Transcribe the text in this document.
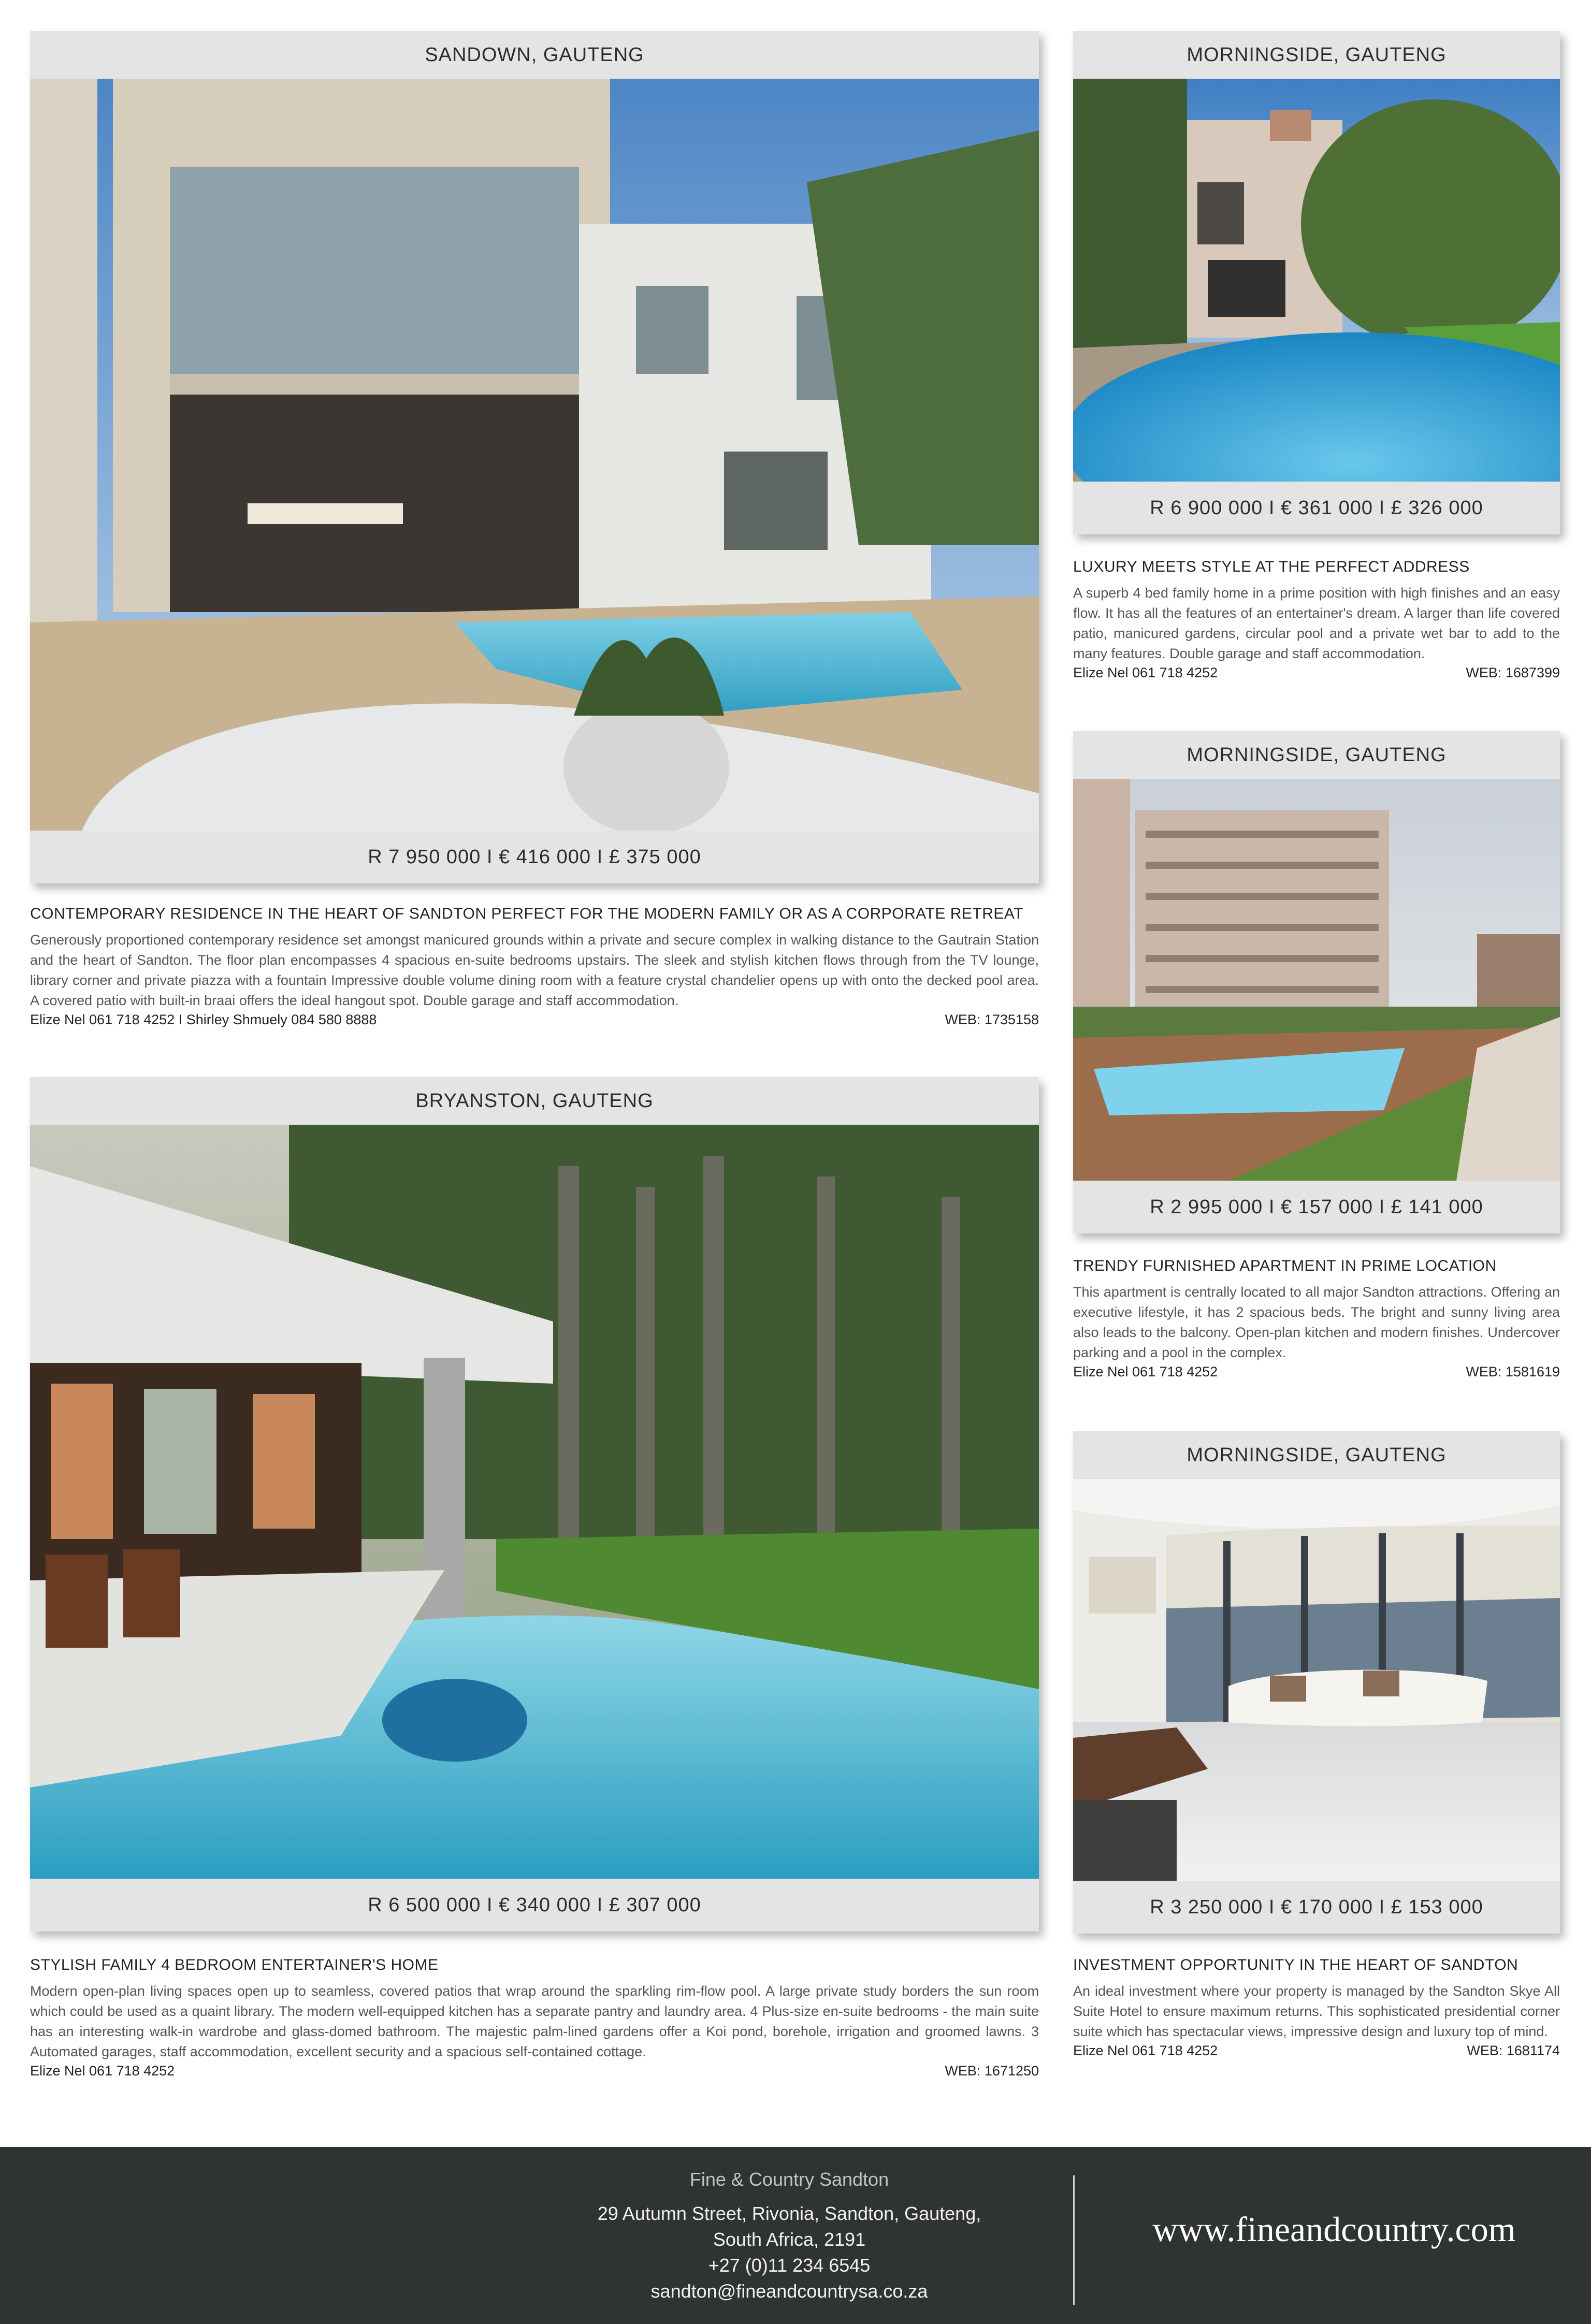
SANDOWN, GAUTENG
R 7 950 000 I € 416 000 I £ 375 000

CONTEMPORARY RESIDENCE IN THE HEART OF SANDTON PERFECT FOR THE MODERN FAMILY OR AS A CORPORATE RETREAT

Generously proportioned contemporary residence set amongst manicured grounds within a private and secure complex in walking distance to the Gautrain Station and the heart of Sandton. The floor plan encompasses 4 spacious en-suite bedrooms upstairs. The sleek and stylish kitchen flows through from the TV lounge, library corner and private piazza with a fountain Impressive double volume dining room with a feature crystal chandelier opens up with onto the decked pool area. A covered patio with built-in braai offers the ideal hangout spot. Double garage and staff accommodation.

Elize Nel 061 718 4252 I Shirley Shmuely 084 580 8888	WEB: 1735158
MORNINGSIDE, GAUTENG
R 6 900 000 I € 361 000 I £ 326 000

LUXURY MEETS STYLE AT THE PERFECT ADDRESS

A superb 4 bed family home in a prime position with high finishes and an easy flow. It has all the features of an entertainer's dream. A larger than life covered patio, manicured gardens, circular pool and a private wet bar to add to the many features. Double garage and staff accommodation.

Elize Nel 061 718 4252	WEB: 1687399
MORNINGSIDE, GAUTENG
R 2 995 000 I € 157 000 I £ 141 000

TRENDY FURNISHED APARTMENT IN PRIME LOCATION

This apartment is centrally located to all major Sandton attractions. Offering an executive lifestyle, it has 2 spacious beds. The bright and sunny living area also leads to the balcony. Open-plan kitchen and modern finishes. Undercover parking and a pool in the complex.

Elize Nel 061 718 4252	WEB: 1581619
BRYANSTON, GAUTENG
R 6 500 000 I € 340 000 I £ 307 000

STYLISH FAMILY 4 BEDROOM ENTERTAINER'S HOME

Modern open-plan living spaces open up to seamless, covered patios that wrap around the sparkling rim-flow pool. A large private study borders the sun room which could be used as a quaint library. The modern well-equipped kitchen has a separate pantry and laundry area. 4 Plus-size en-suite bedrooms - the main suite has an interesting walk-in wardrobe and glass-domed bathroom. The majestic palm-lined gardens offer a Koi pond, borehole, irrigation and groomed lawns. 3 Automated garages, staff accommodation, excellent security and a spacious self-contained cottage.

Elize Nel 061 718 4252	WEB: 1671250
MORNINGSIDE, GAUTENG
R 3 250 000 I € 170 000 I £ 153 000

INVESTMENT OPPORTUNITY IN THE HEART OF SANDTON

An ideal investment where your property is managed by the Sandton Skye All Suite Hotel to ensure maximum returns. This sophisticated presidential corner suite which has spectacular views, impressive design and luxury top of mind.

Elize Nel 061 718 4252	WEB: 1681174
Fine & Country Sandton
29 Autumn Street, Rivonia, Sandton, Gauteng,
South Africa, 2191
+27 (0)11 234 6545
sandton@fineandcountrysa.co.za
www.fineandcountry.com
